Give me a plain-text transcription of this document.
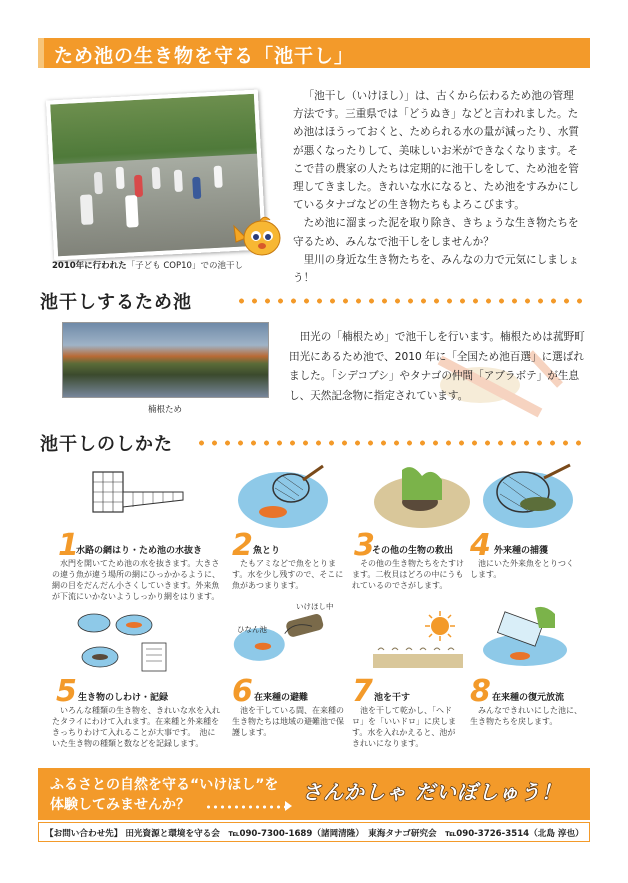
ため池の生き物を守る「池干し」
2010年に行われた「子ども COP10」での池干し

「池干し（いけほし）」は、古くから伝わるため池の管理方法です。三重県では「どうぬき」などと言われました。ため池はほうっておくと、ためられる水の量が減ったり、水質が悪くなったりして、美味しいお米ができなくなります。そこで昔の農家の人たちは定期的に池干しをして、ため池を管理してきました。きれいな水になると、ため池をすみかにしているタナゴなどの生き物たちもよろこびます。

ため池に溜まった泥を取り除き、きちょうな生き物たちを守るため、みんなで池干しをしませんか？

里川の身近な生き物たちを、みんなの力で元気にしましょう！

池干しするため池
楠根ため
田光の「楠根ため」で池干しを行います。楠根ためは菰野町田光にあるため池で、2010 年に「全国ため池百選」に選ばれました。「シデコブシ」やタナゴの仲間「アブラボテ」が生息し、天然記念物に指定されています。
池干しのしかた
1
水路の網はり・ため池の水抜き
水門を開いてため池の水を抜きます。大きさの違う魚が違う場所の網にひっかかるように、網の目をだんだん小さくしていきます。外来魚が下流にいかないようしっかり網をはります。
2 魚とり
たもアミなどで魚をとります。水を少し残すので、そこに魚があつまります。
3
その他の生物の救出
その他の生き物たちをたすけます。二枚貝はどろの中にうもれているのでさがします。
4 外来種の捕獲
池にいた外来魚をとりつくします。
ひなん池
いけほし中
5 生き物のしわけ・記録
いろんな種類の生き物を、きれいな水を入れたタライにわけて入れます。在来種と外来種をきっちりわけて入れることが大事です。　池にいた生き物の種類と数などを記録します。
6 在来種の避難
池を干している間、在来種の生き物たちは地域の避難池で保護します。
7 池を干す
池を干して乾かし、「ヘドロ」を「いいドロ」に戻します。水を入れかえると、池がきれいになります。
8 在来種の復元放流
みんなできれいにした池に、生き物たちを戻します。
ふるさとの自然を守る“いけほし”を
体験してみませんか？
さんかしゃ だいぼしゅう！
【お問い合わせ先】 田光資源と環境を守る会　℡090-7300-1689（諸岡清隆）　東海タナゴ研究会　℡090-3726-3514（北島 淳也）
